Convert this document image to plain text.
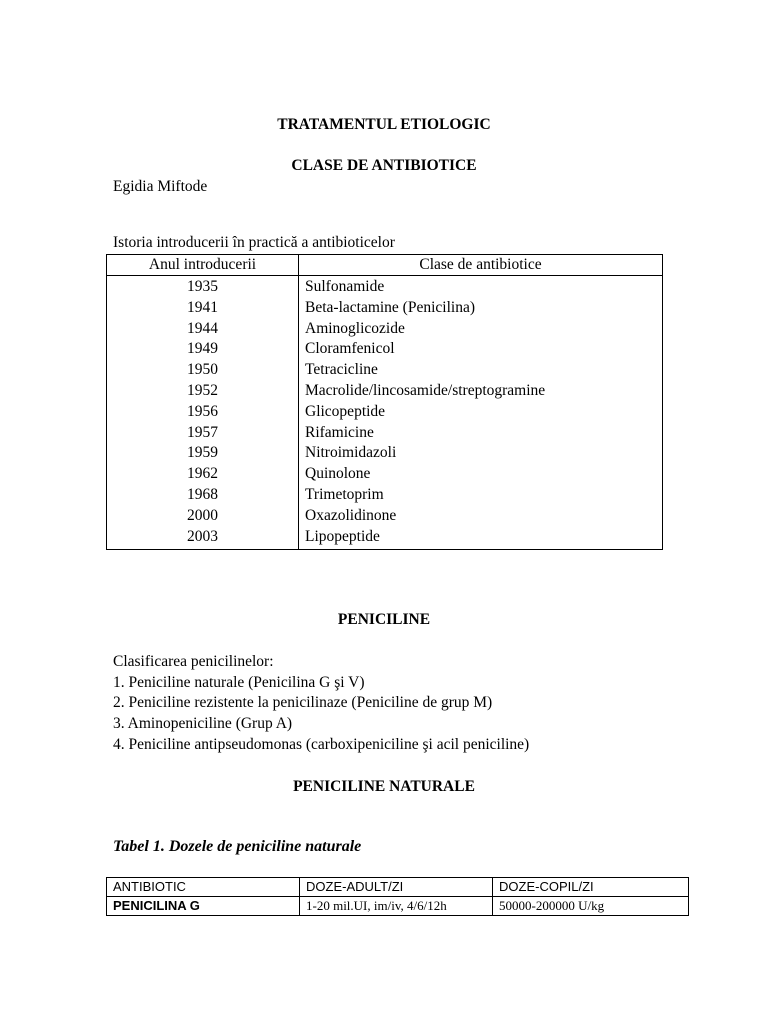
TRATAMENTUL ETIOLOGIC
CLASE DE ANTIBIOTICE
Egidia Miftode
Istoria introducerii în practică a antibioticelor
Anul introducerii	Clase de antibiotice
1935	Sulfonamide
1941	Beta-lactamine (Penicilina)
1944	Aminoglicozide
1949	Cloramfenicol
1950	Tetracicline
1952	Macrolide/lincosamide/streptogramine
1956	Glicopeptide
1957	Rifamicine
1959	Nitroimidazoli
1962	Quinolone
1968	Trimetoprim
2000	Oxazolidinone
2003	Lipopeptide
PENICILINE
Clasificarea penicilinelor:
1. Peniciline naturale (Penicilina G şi V)
2. Peniciline rezistente la penicilinaze (Peniciline de grup M)
3. Aminopeniciline (Grup A)
4. Peniciline antipseudomonas (carboxipeniciline şi acil peniciline)
PENICILINE NATURALE
Tabel 1. Dozele de peniciline naturale
ANTIBIOTIC	DOZE-ADULT/ZI	DOZE-COPIL/ZI
PENICILINA G	1-20 mil.UI, im/iv, 4/6/12h	50000-200000 U/kg
